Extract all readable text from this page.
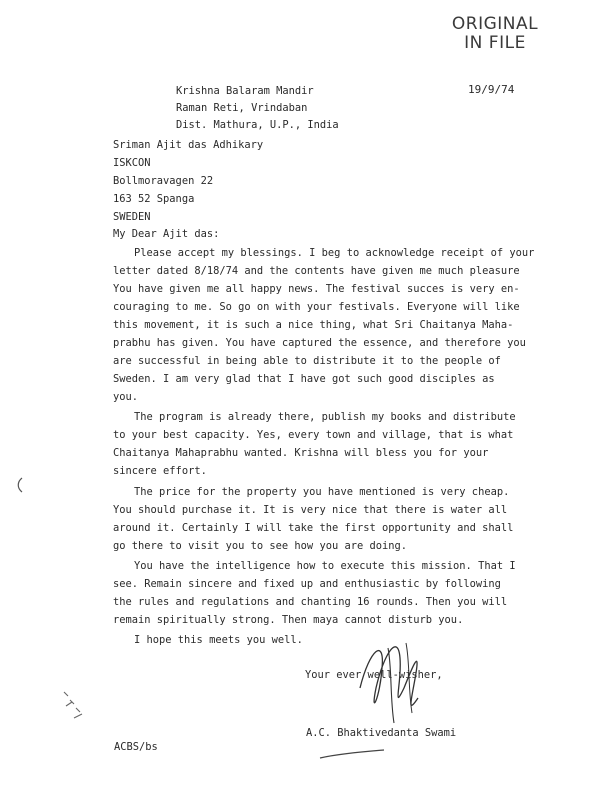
ORIGINAL
IN FILE
19/9/74
Krishna Balaram Mandir
Raman Reti, Vrindaban
Dist. Mathura, U.P., India
Sriman Ajit das Adhikary
ISKCON
Bollmoravagen 22
163 52 Spanga
SWEDEN
My Dear Ajit das:
Please accept my blessings. I beg to acknowledge receipt of your
letter dated 8/18/74 and the contents have given me much pleasure
You have given me all happy news. The festival succes is very en-
couraging to me. So go on with your festivals. Everyone will like
this movement, it is such a nice thing, what Sri Chaitanya Maha-
prabhu has given. You have captured the essence, and therefore you
are successful in being able to distribute it to the people of
Sweden. I am very glad that I have got such good disciples as
you.
The program is already there, publish my books and distribute
to your best capacity. Yes, every town and village, that is what
Chaitanya Mahaprabhu wanted. Krishna will bless you for your
sincere effort.
The price for the property you have mentioned is very cheap.
You should purchase it. It is very nice that there is water all
around it. Certainly I will take the first opportunity and shall
go there to visit you to see how you are doing.
You have the intelligence how to execute this mission. That I
see. Remain sincere and fixed up and enthusiastic by following
the rules and regulations and chanting 16 rounds. Then you will
remain spiritually strong. Then maya cannot disturb you.
I hope this meets you well.
Your ever well-wisher,
A.C. Bhaktivedanta Swami
ACBS/bs
